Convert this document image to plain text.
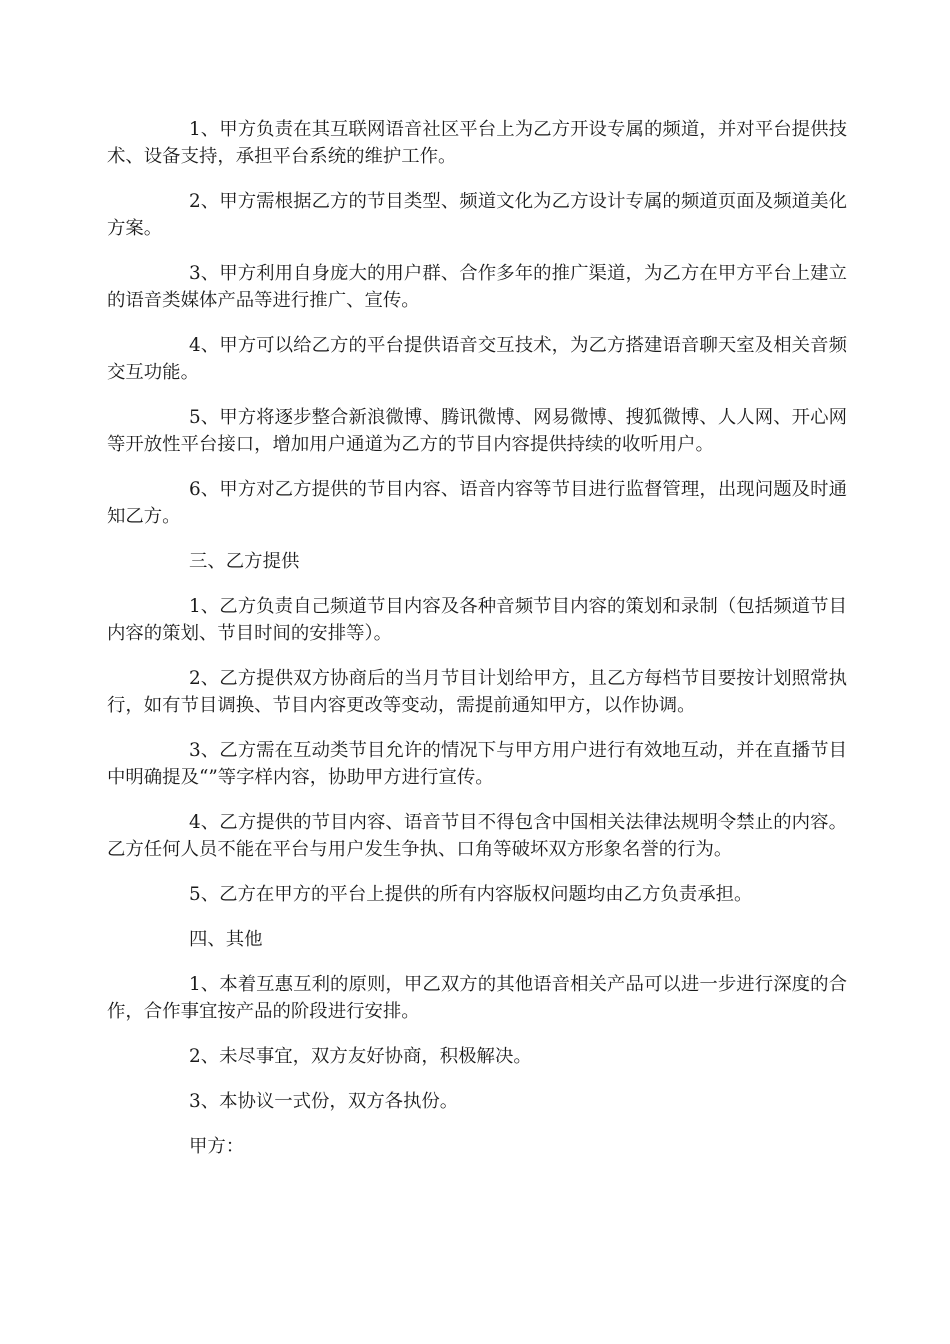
1、甲方负责在其互联网语音社区平台上为乙方开设专属的频道，并对平台提供技术、设备支持，承担平台系统的维护工作。

2、甲方需根据乙方的节目类型、频道文化为乙方设计专属的频道页面及频道美化方案。

3、甲方利用自身庞大的用户群、合作多年的推广渠道，为乙方在甲方平台上建立的语音类媒体产品等进行推广、宣传。

4、甲方可以给乙方的平台提供语音交互技术，为乙方搭建语音聊天室及相关音频交互功能。

5、甲方将逐步整合新浪微博、腾讯微博、网易微博、搜狐微博、人人网、开心网等开放性平台接口，增加用户通道为乙方的节目内容提供持续的收听用户。

6、甲方对乙方提供的节目内容、语音内容等节目进行监督管理，出现问题及时通知乙方。

三、乙方提供

1、乙方负责自己频道节目内容及各种音频节目内容的策划和录制（包括频道节目内容的策划、节目时间的安排等）。

2、乙方提供双方协商后的当月节目计划给甲方，且乙方每档节目要按计划照常执行，如有节目调换、节目内容更改等变动，需提前通知甲方，以作协调。

3、乙方需在互动类节目允许的情况下与甲方用户进行有效地互动，并在直播节目中明确提及“”等字样内容，协助甲方进行宣传。

4、乙方提供的节目内容、语音节目不得包含中国相关法律法规明令禁止的内容。乙方任何人员不能在平台与用户发生争执、口角等破坏双方形象名誉的行为。

5、乙方在甲方的平台上提供的所有内容版权问题均由乙方负责承担。

四、其他

1、本着互惠互利的原则，甲乙双方的其他语音相关产品可以进一步进行深度的合作，合作事宜按产品的阶段进行安排。

2、未尽事宜，双方友好协商，积极解决。

3、本协议一式份，双方各执份。

甲方：
